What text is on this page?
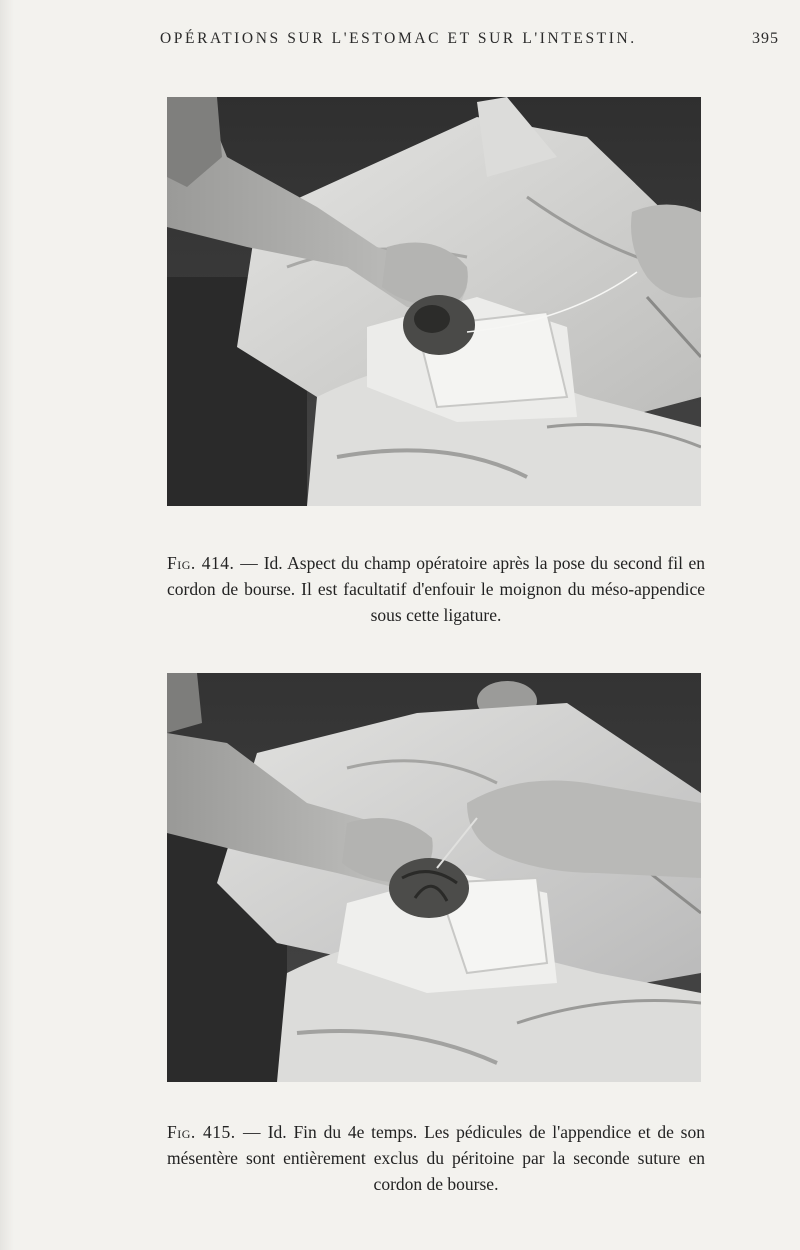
OPÉRATIONS SUR L'ESTOMAC ET SUR L'INTESTIN.	395

Fig. 414. — Id. Aspect du champ opératoire après la pose du second fil en cordon de bourse. Il est facultatif d'enfouir le moignon du méso-appendice sous cette ligature.

Fig. 415. — Id. Fin du 4e temps. Les pédicules de l'appendice et de son mésentère sont entièrement exclus du péritoine par la seconde suture en cordon de bourse.
